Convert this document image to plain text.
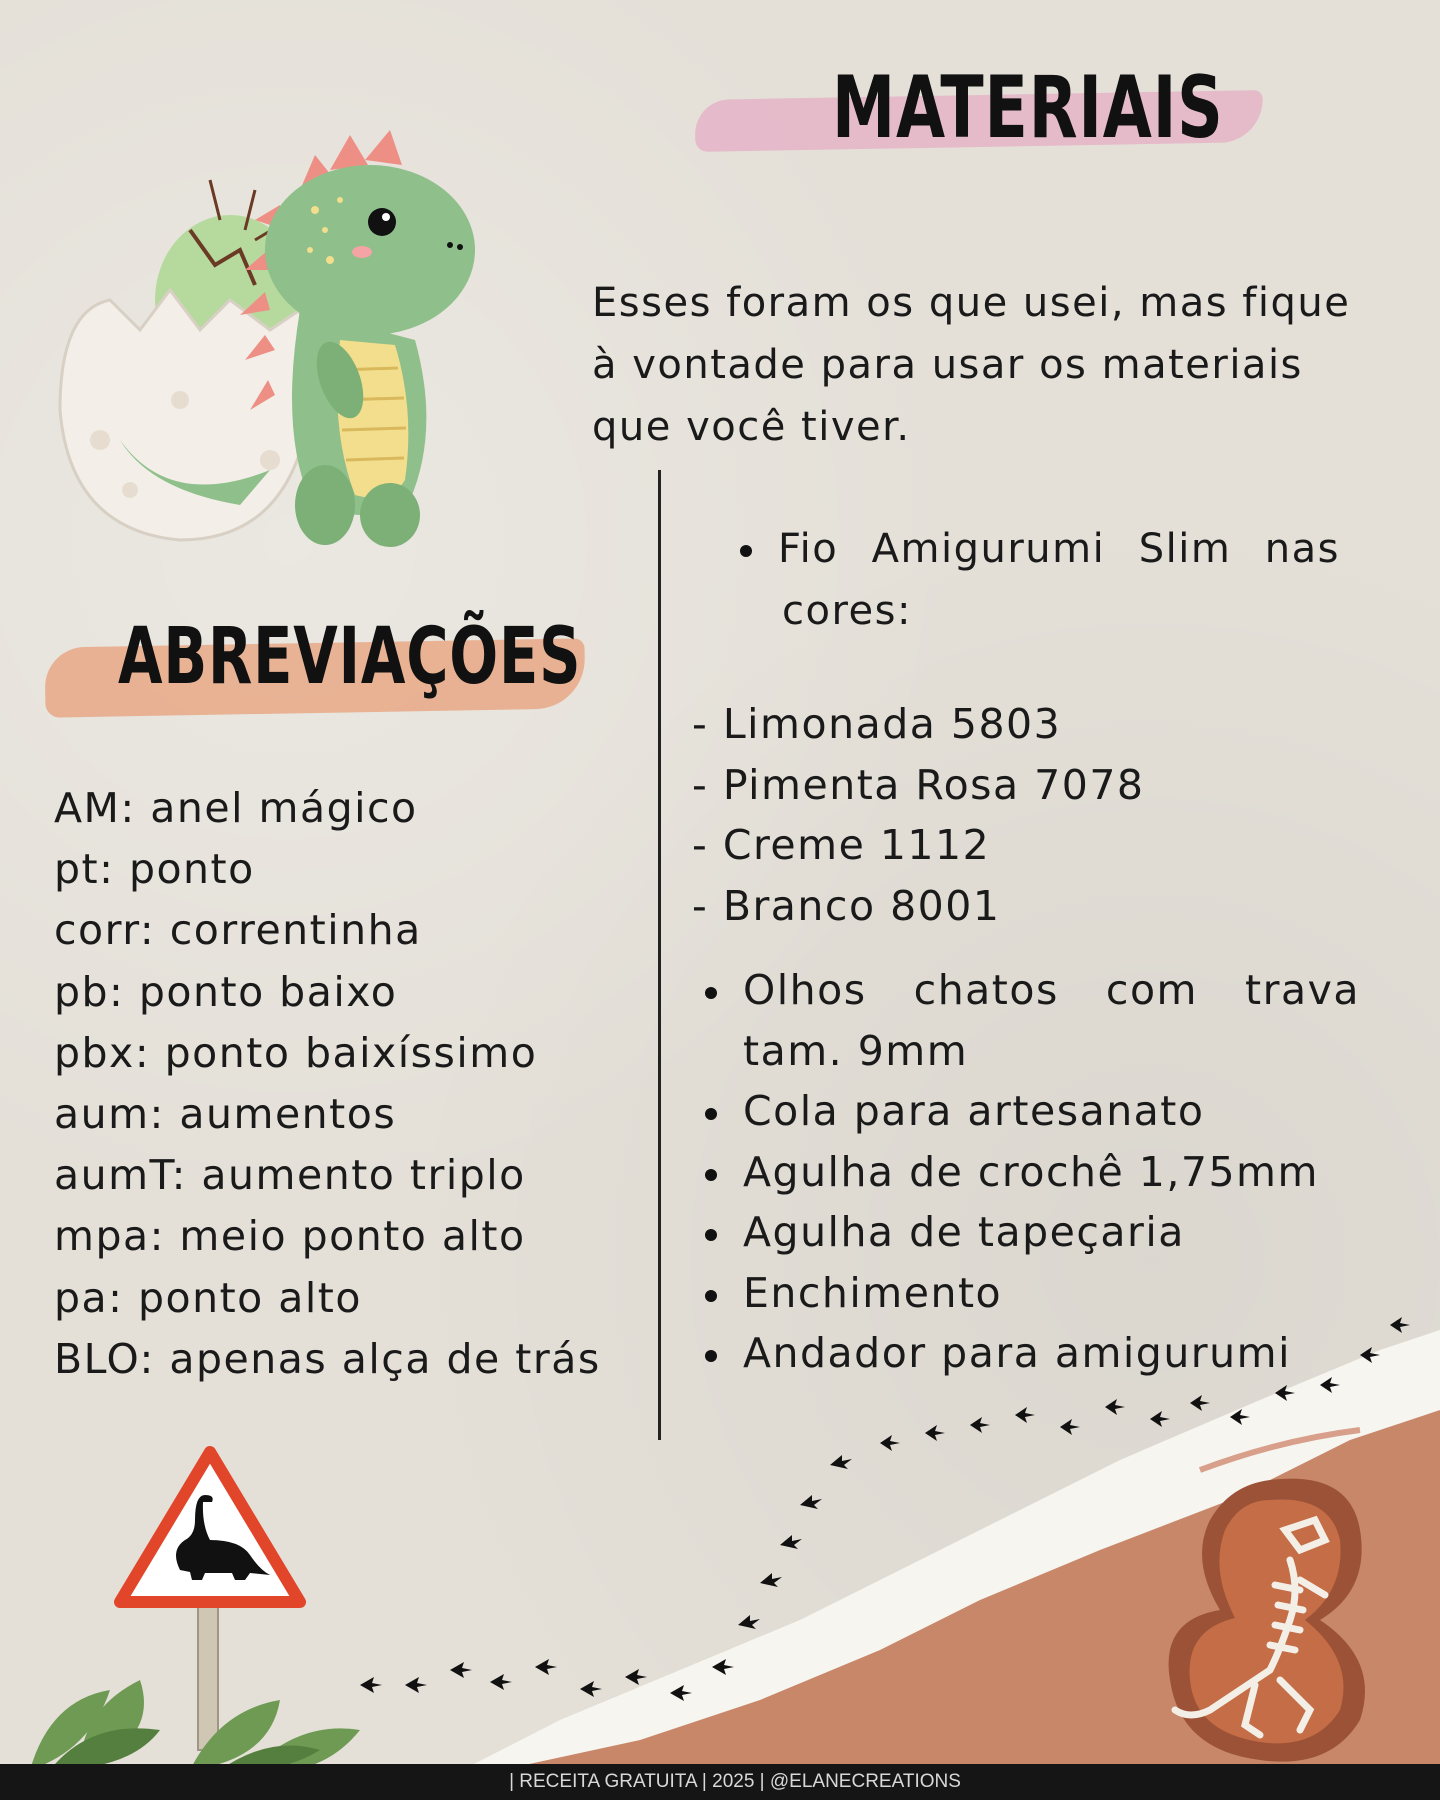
MATERIAIS

Esses foram os que usei, mas fique à vontade para usar os materiais que você tiver.

ABREVIAÇÕES
AM: anel mágico
pt: ponto
corr: correntinha
pb: ponto baixo
pbx: ponto baixíssimo
aum: aumentos
aumT: aumento triplo
mpa: meio ponto alto
pa: ponto alto
BLO: apenas alça de trás
Fio Amigurumi Slim nas
cores:
- Limonada 5803
- Pimenta Rosa 7078
- Creme 1112
- Branco 8001
Olhos chatos com trava
tam. 9mm
Cola para artesanato
Agulha de crochê 1,75mm
Agulha de tapeçaria
Enchimento
Andador para amigurumi
| RECEITA GRATUITA | 2025 | @ELANECREATIONS
